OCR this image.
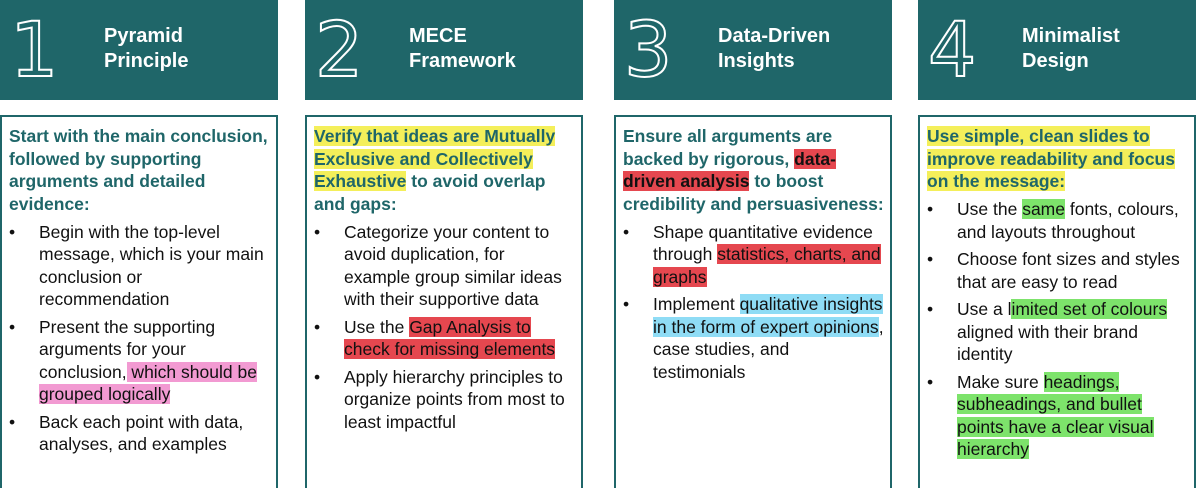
1 Pyramid
Principle

Start with the main conclusion, followed by supporting arguments and detailed evidence:

• Begin with the top-level message, which is your main conclusion or recommendation
• Present the supporting arguments for your conclusion, which should be grouped logically
• Back each point with data, analyses, and examples
2 MECE
Framework

Verify that ideas are Mutually Exclusive and Collectively Exhaustive to avoid overlap and gaps:

• Categorize your content to avoid duplication, for example group similar ideas with their supportive data
• Use the Gap Analysis to check for missing elements
• Apply hierarchy principles to organize points from most to least impactful
3 Data-Driven
Insights

Ensure all arguments are backed by rigorous, data-driven analysis to boost credibility and persuasiveness:

• Shape quantitative evidence through statistics, charts, and graphs
• Implement qualitative insights in the form of expert opinions, case studies, and testimonials
4 Minimalist
Design

Use simple, clean slides to improve readability and focus on the message:

• Use the same fonts, colours, and layouts throughout
• Choose font sizes and styles that are easy to read
• Use a limited set of colours aligned with their brand identity
• Make sure headings, subheadings, and bullet points have a clear visual hierarchy
